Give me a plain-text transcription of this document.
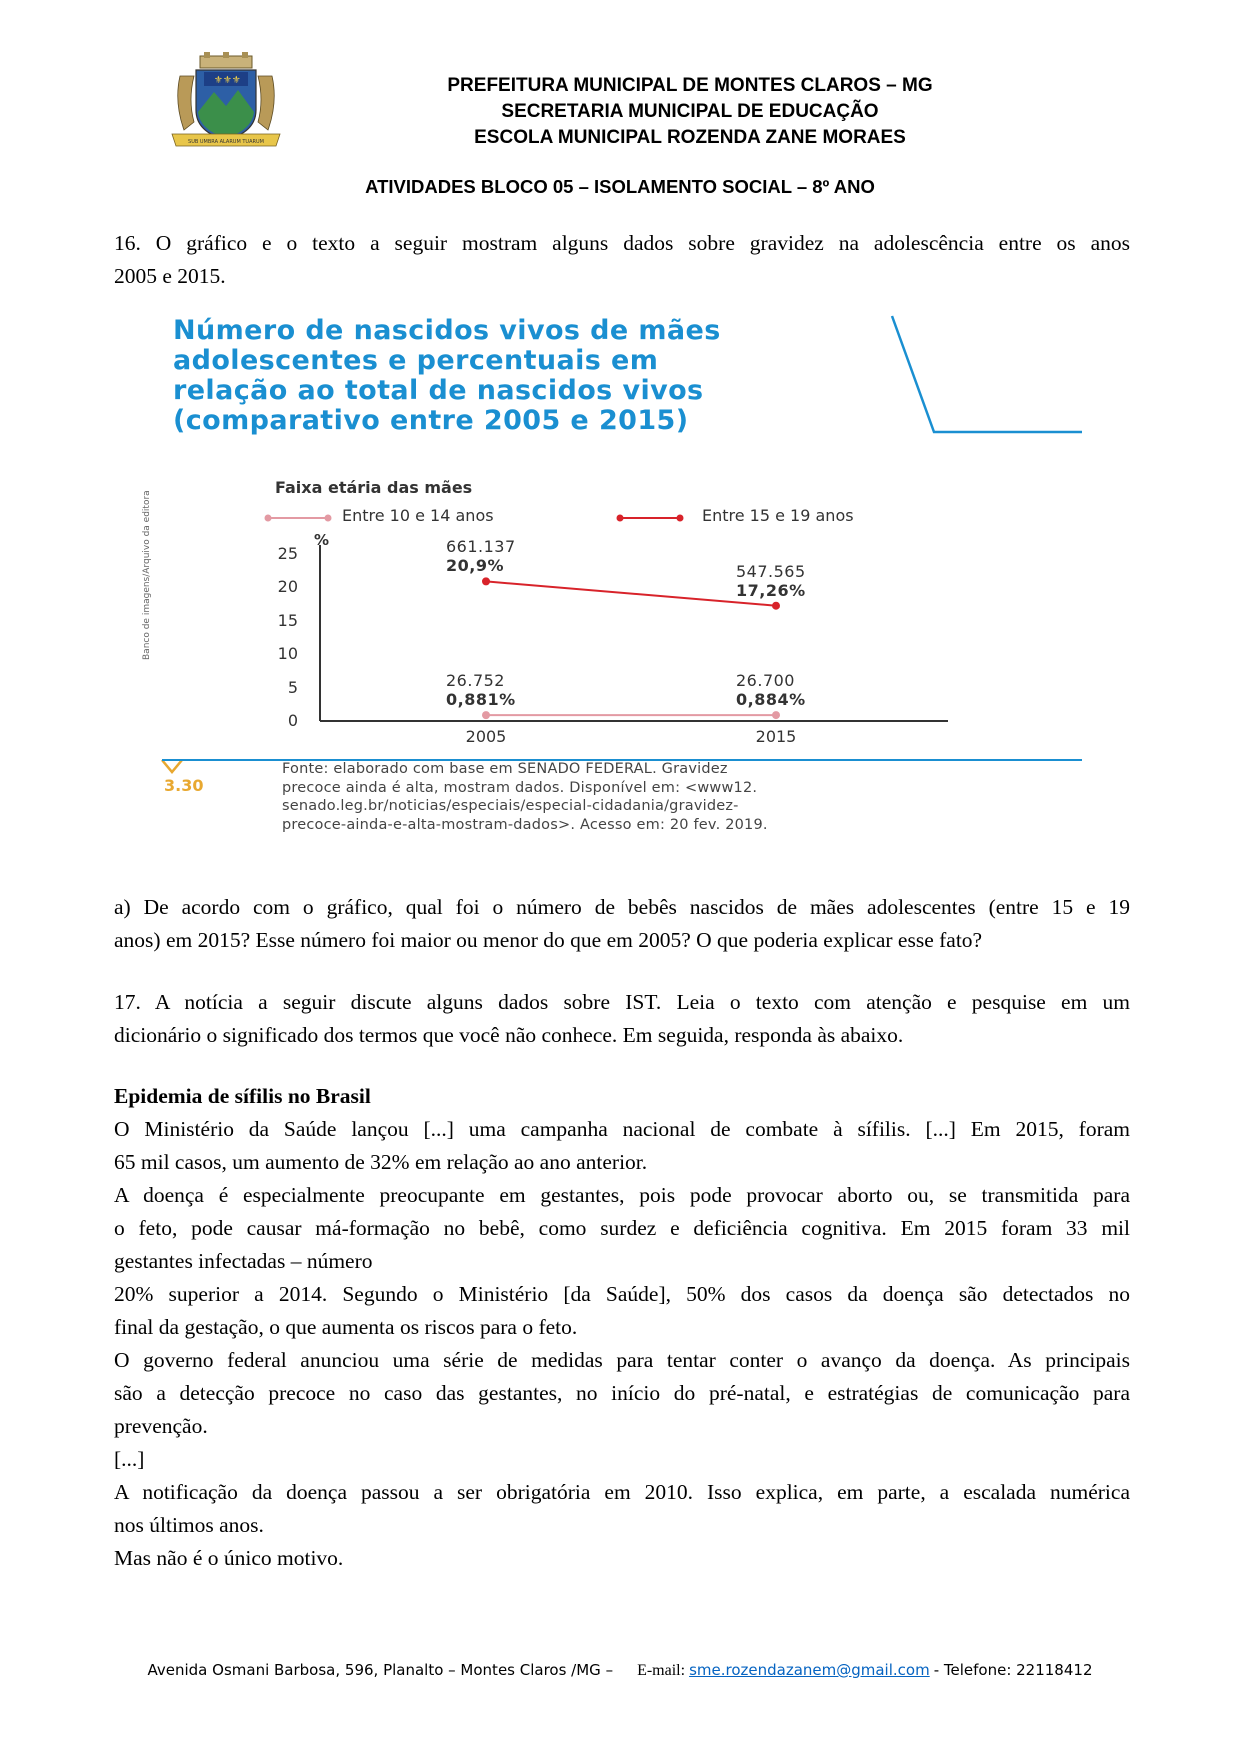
⚜⚜⚜
SUB UMBRA ALARUM TUARUM
PREFEITURA MUNICIPAL DE MONTES CLAROS – MG
SECRETARIA MUNICIPAL DE EDUCAÇÃO
ESCOLA MUNICIPAL ROZENDA ZANE MORAES
ATIVIDADES BLOCO 05 – ISOLAMENTO SOCIAL – 8º ANO
16. O gráfico e o texto a seguir mostram alguns dados sobre gravidez na adolescência entre os anos
2005 e 2015.
Número de nascidos vivos de mães
adolescentes e percentuais em
relação ao total de nascidos vivos
(comparativo entre 2005 e 2015)
Banco de imagens/Arquivo da editora
Faixa etária das mães
25
20
15
10
5
0
%
2005	2015
Entre 10 e 14 anos	Entre 15 e 19 anos
26.752
0,881%
26.700
0,884%
661.137
20,9%	547.565
17,26%
3.30
Fonte: elaborado com base em SENADO FEDERAL. Gravidez
precoce ainda é alta, mostram dados. Disponível em: <www12.
senado.leg.br/noticias/especiais/especial-cidadania/gravidez-
precoce-ainda-e-alta-mostram-dados>. Acesso em: 20 fev. 2019.
a) De acordo com o gráfico, qual foi o número de bebês nascidos de mães adolescentes (entre 15 e 19
anos) em 2015? Esse número foi maior ou menor do que em 2005? O que poderia explicar esse fato?
17. A notícia a seguir discute alguns dados sobre IST. Leia o texto com atenção e pesquise em um
dicionário o significado dos termos que você não conhece. Em seguida, responda às abaixo.
Epidemia de sífilis no Brasil
O Ministério da Saúde lançou [...] uma campanha nacional de combate à sífilis. [...] Em 2015, foram
65 mil casos, um aumento de 32% em relação ao ano anterior.
A doença é especialmente preocupante em gestantes, pois pode provocar aborto ou, se transmitida para
o feto, pode causar má-formação no bebê, como surdez e deficiência cognitiva. Em 2015 foram 33 mil
gestantes infectadas – número
20% superior a 2014. Segundo o Ministério [da Saúde], 50% dos casos da doença são detectados no
final da gestação, o que aumenta os riscos para o feto.
O governo federal anunciou uma série de medidas para tentar conter o avanço da doença. As principais
são a detecção precoce no caso das gestantes, no início do pré-natal, e estratégias de comunicação para
prevenção.
[...]
A notificação da doença passou a ser obrigatória em 2010. Isso explica, em parte, a escalada numérica
nos últimos anos.
Mas não é o único motivo.
Avenida Osmani Barbosa, 596, Planalto – Montes Claros /MG – E-mail: sme.rozendazanem@gmail.com - Telefone: 22118412
